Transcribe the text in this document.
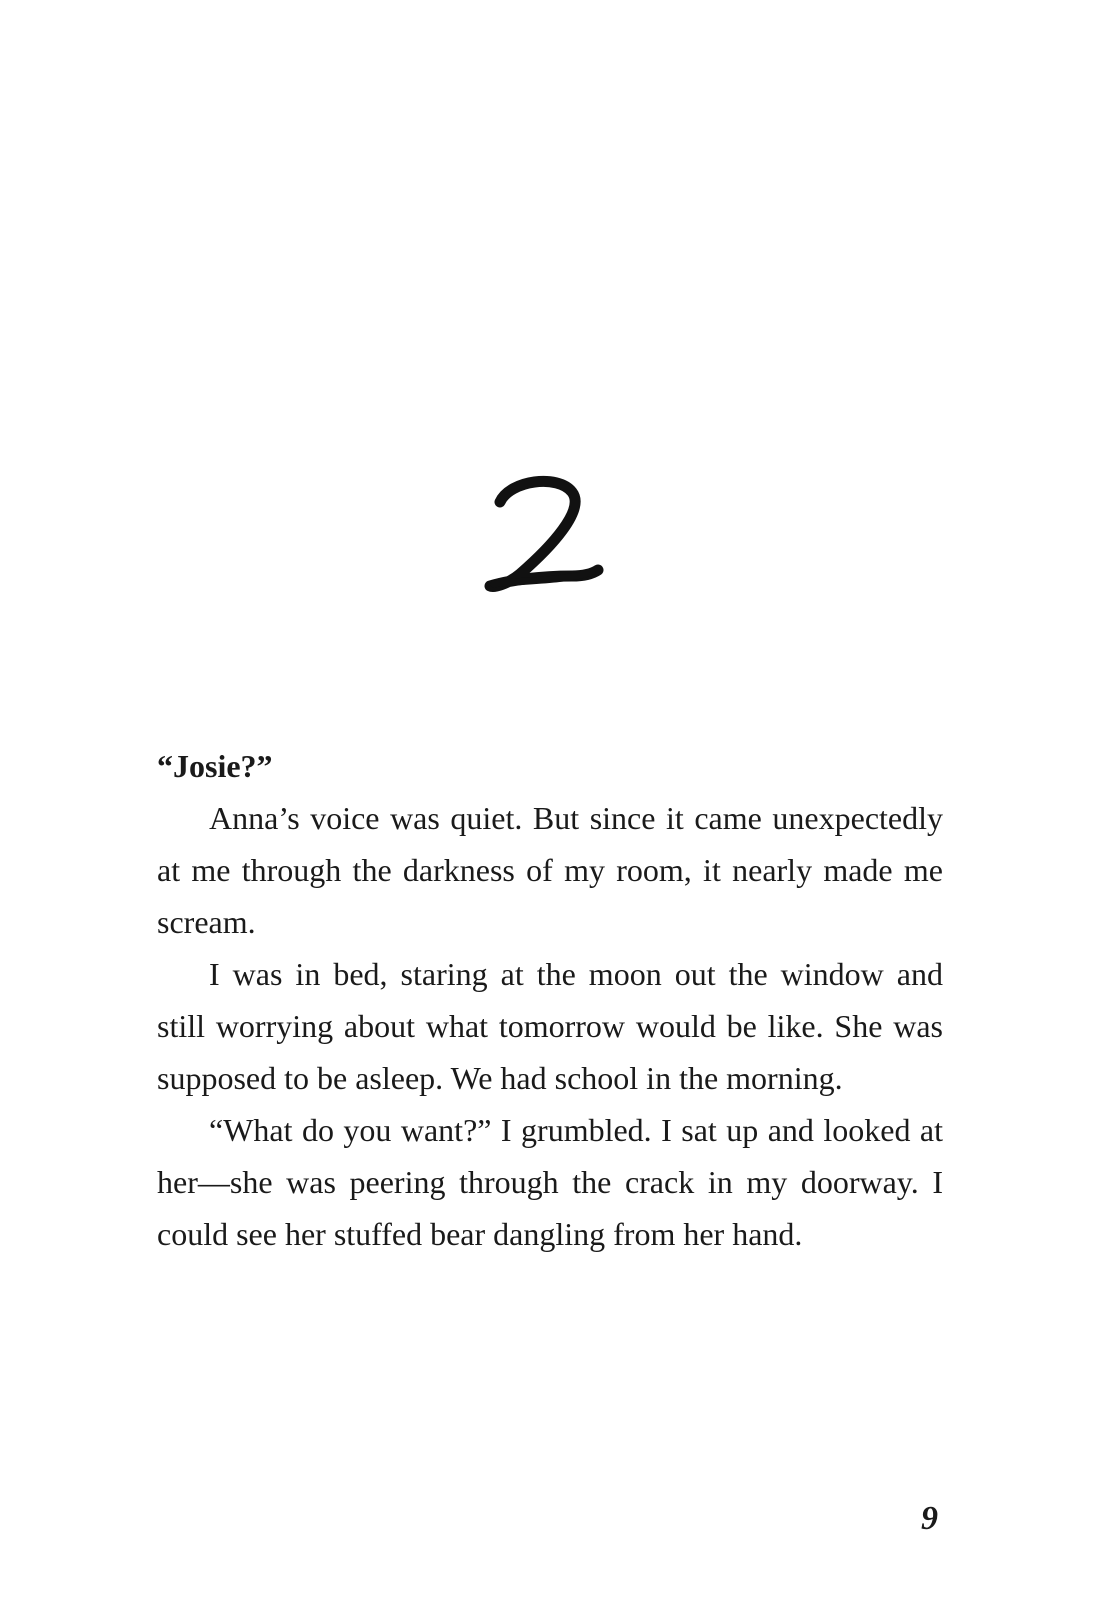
“Josie?”

Anna’s voice was quiet. But since it came unexpectedly at me through the darkness of my room, it nearly made me scream.

I was in bed, staring at the moon out the window and still worrying about what tomorrow would be like. She was supposed to be asleep. We had school in the morning.

“What do you want?” I grumbled. I sat up and looked at her—she was peering through the crack in my doorway. I could see her stuffed bear dangling from her hand.

9
